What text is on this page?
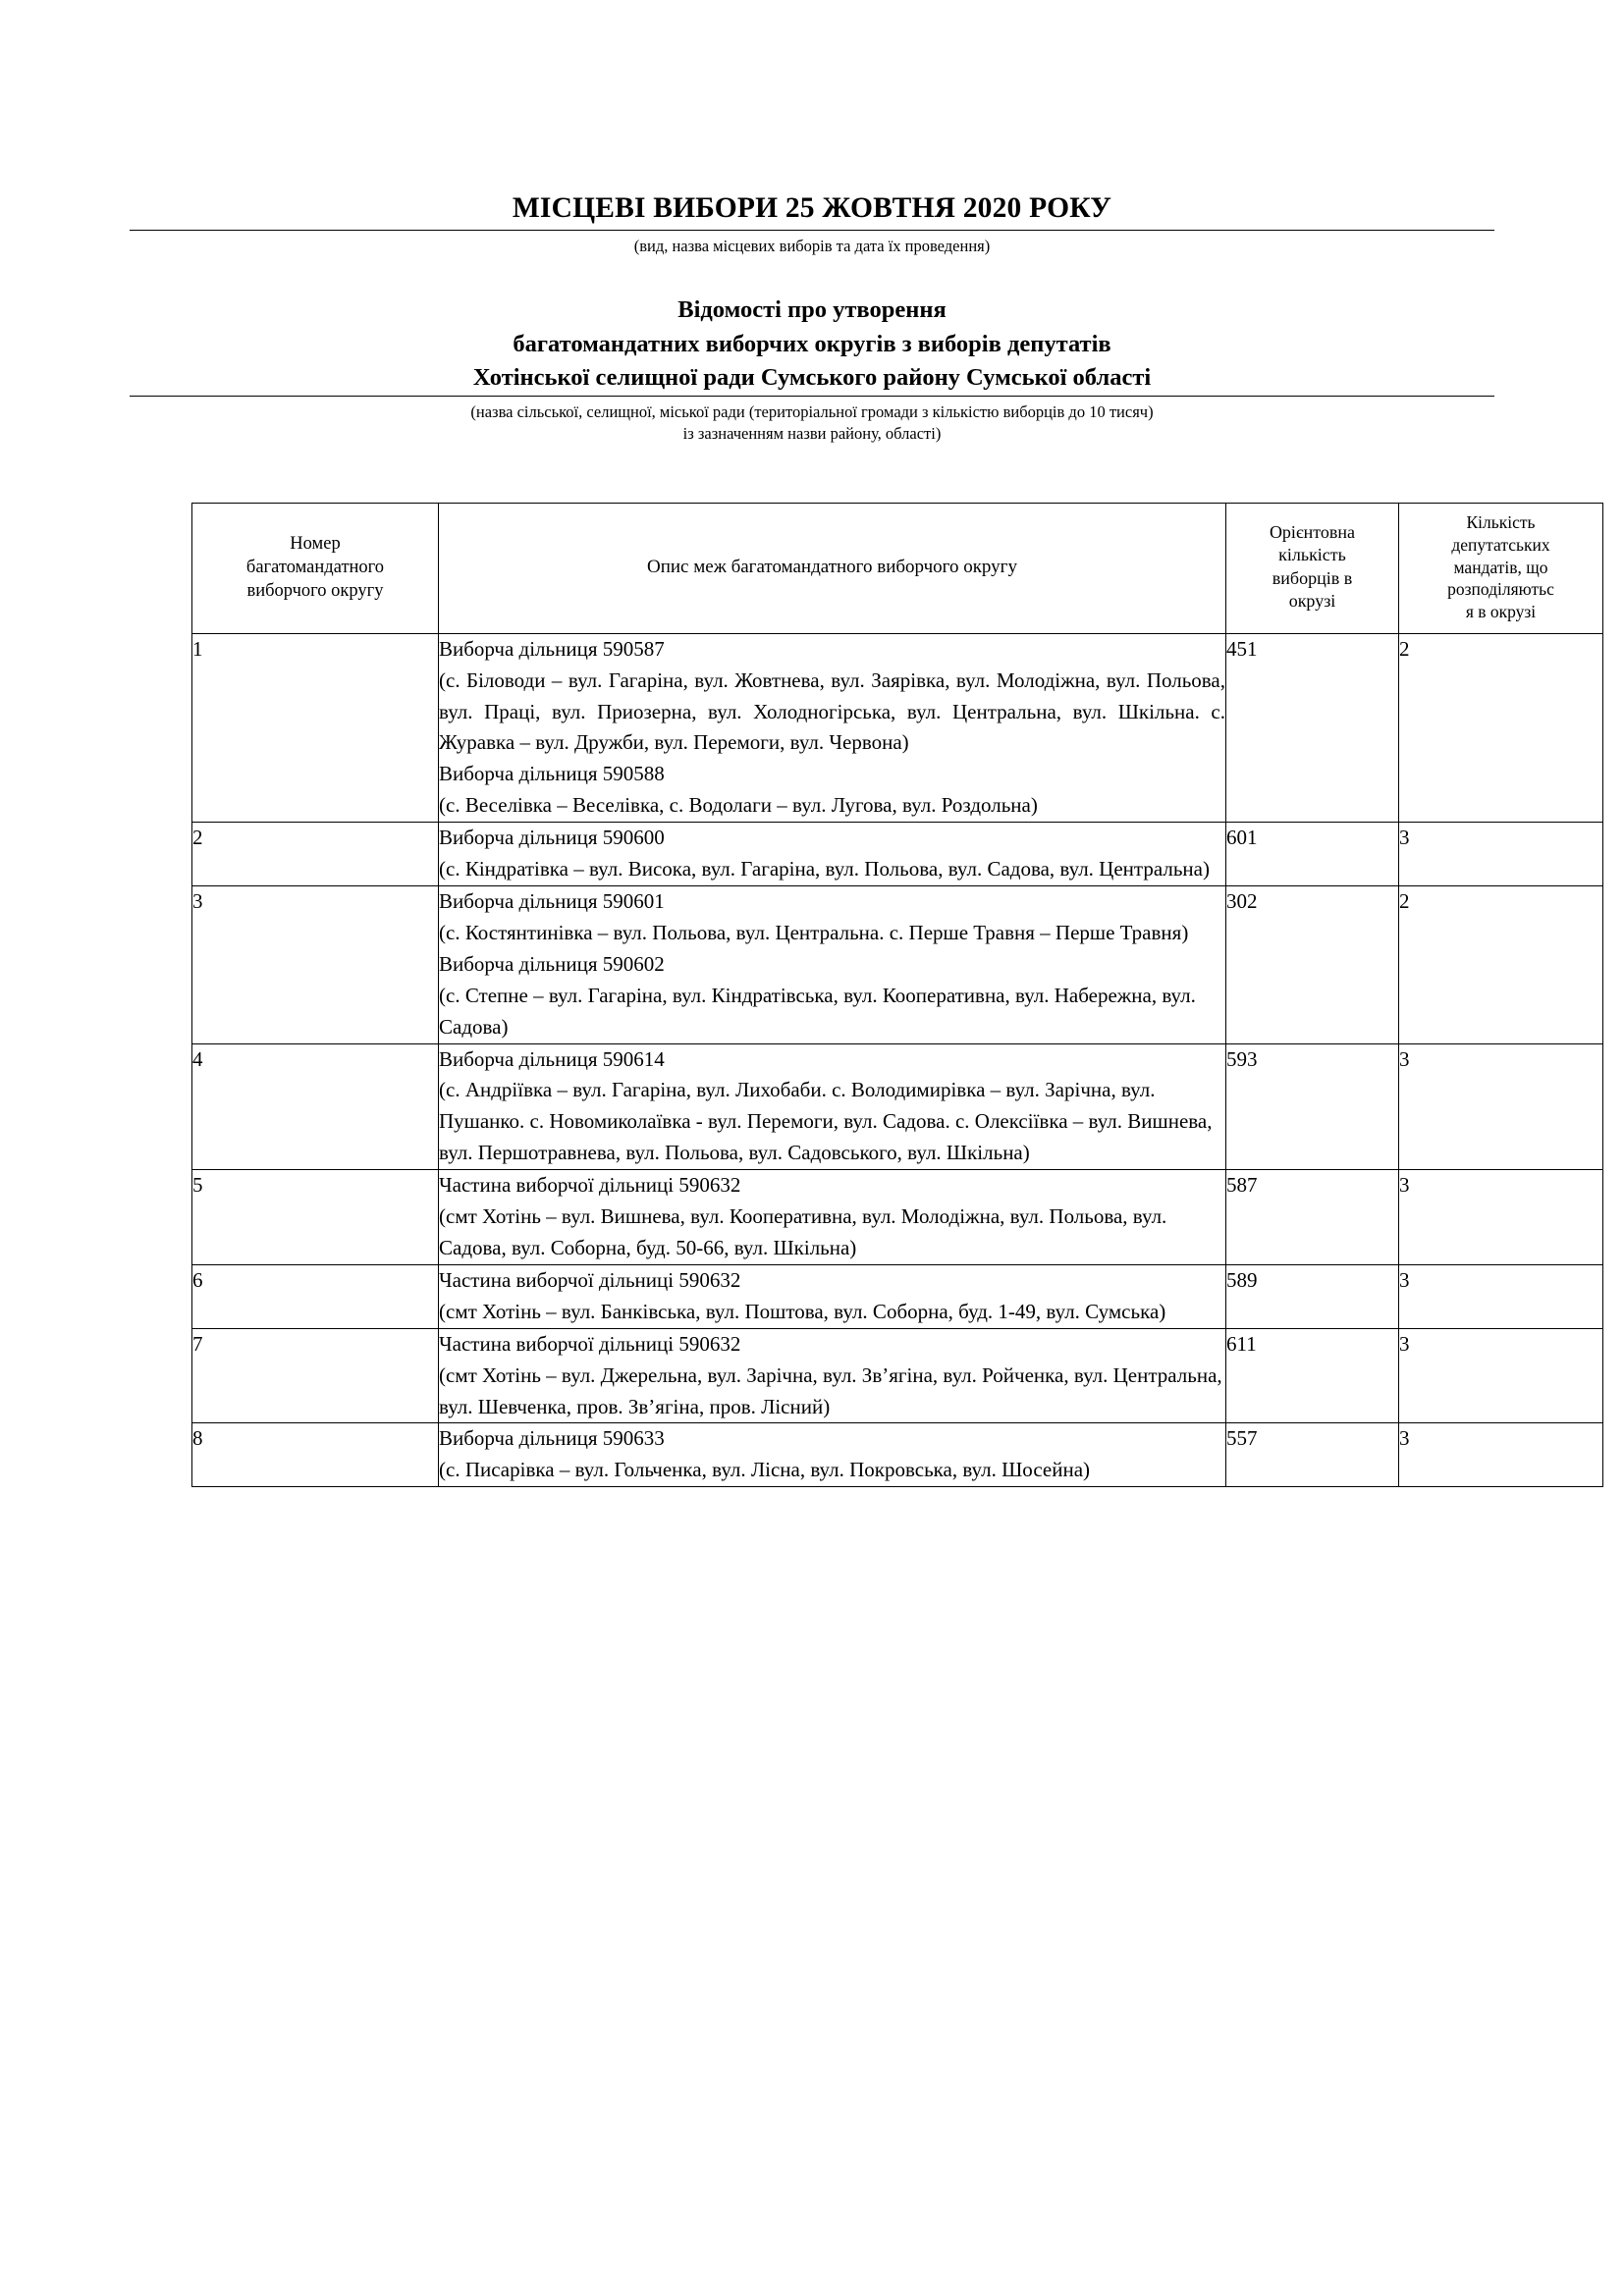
МІСЦЕВІ ВИБОРИ 25 ЖОВТНЯ 2020 РОКУ
(вид, назва місцевих виборів та дата їх проведення)
Відомості про утворення
багатомандатних виборчих округів з виборів депутатів
Хотінської селищної ради Сумського району Сумської області
(назва сільської, селищної, міської ради (територіальної громади з кількістю виборців до 10 тисяч)
із зазначенням назви району, області)
Номер
багатомандатного
виборчого округу	Опис меж багатомандатного виборчого округу	Орієнтовна
кількість
виборців в
окрузі	Кількість
депутатських
мандатів, що
розподіляютьс
я в окрузі
1	Виборча дільниця 590587

(с. Біловоди – вул. Гагаріна, вул. Жовтнева, вул. Заярівка, вул. Молодіжна, вул. Польова, вул. Праці, вул. Приозерна, вул. Холодногірська, вул. Центральна, вул. Шкільна. с. Журавка – вул. Дружби, вул. Перемоги, вул. Червона)

Виборча дільниця 590588

(с. Веселівка – Веселівка, с. Водолаги – вул. Лугова, вул. Роздольна)	451	2
2	Виборча дільниця 590600

(с. Кіндратівка – вул. Висока, вул. Гагаріна, вул. Польова, вул. Садова, вул. Центральна)	601	3
3	Виборча дільниця 590601

(с. Костянтинівка – вул. Польова, вул. Центральна. с. Перше Травня – Перше Травня)

Виборча дільниця 590602

(с. Степне – вул. Гагаріна, вул. Кіндратівська, вул. Кооперативна, вул. Набережна, вул. Садова)	302	2
4	Виборча дільниця 590614

(с. Андріївка – вул. Гагаріна, вул. Лихобаби. с. Володимирівка – вул. Зарічна, вул. Пушанко. с. Новомиколаївка - вул. Перемоги, вул. Садова. с. Олексіївка – вул. Вишнева, вул. Першотравнева, вул. Польова, вул. Садовського, вул. Шкільна)	593	3
5	Частина виборчої дільниці 590632

(смт Хотінь – вул. Вишнева, вул. Кооперативна, вул. Молодіжна, вул. Польова, вул. Садова, вул. Соборна, буд. 50-66, вул. Шкільна)	587	3
6	Частина виборчої дільниці 590632

(смт Хотінь – вул. Банківська, вул. Поштова, вул. Соборна, буд. 1-49, вул. Сумська)	589	3
7	Частина виборчої дільниці 590632

(смт Хотінь – вул. Джерельна, вул. Зарічна, вул. Зв’ягіна, вул. Ройченка, вул. Центральна, вул. Шевченка, пров. Зв’ягіна, пров. Лісний)	611	3
8	Виборча дільниця 590633

(с. Писарівка – вул. Гольченка, вул. Лісна, вул. Покровська, вул. Шосейна)	557	3
